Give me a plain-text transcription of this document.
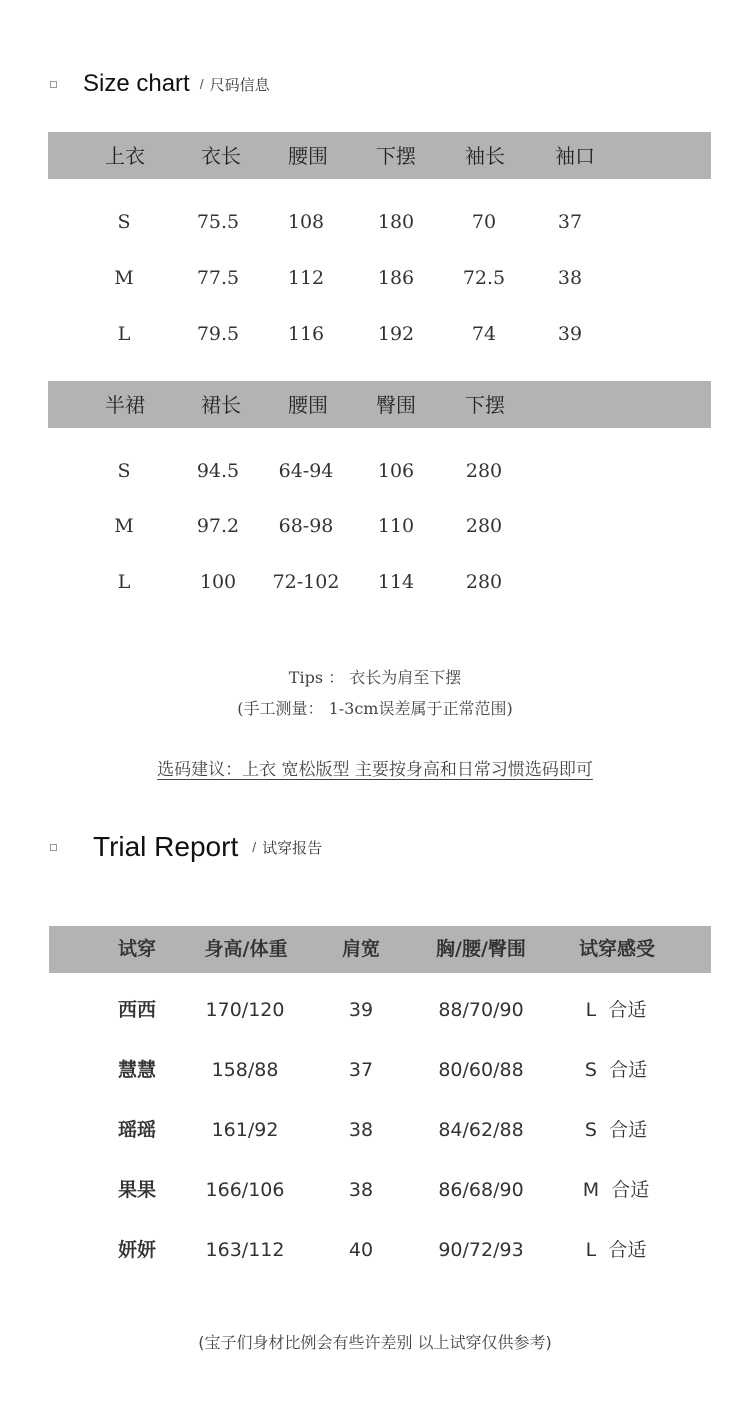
Size chart / 尺码信息
上衣	衣长 腰围 下摆 袖长	袖口
S	75.5	108	180	70	37
M	77.5	112	186	72.5	38
L	79.5	116	192	74	39
半裙	裙长 腰围 臀围 下摆
S	94.5 64-94 106	280
M	97.2 68-98 110	280
L	100 72-102 114	280
Tips ： 衣长为肩至下摆
(手工测量： 1-3cm误差属于正常范围)
选码建议：上衣 宽松版型 主要按身高和日常习惯选码即可
Trial Report / 试穿报告
试穿	身高/体重	肩宽	胸/腰/臀围	试穿感受
西西	170/120	39	88/70/90	L  合适
慧慧	158/88	37	80/60/88	S  合适
瑶瑶	161/92	38	84/62/88	S  合适
果果	166/106	38	86/68/90	M  合适
妍妍	163/112	40	90/72/93	L  合适
(宝子们身材比例会有些许差别 以上试穿仅供参考)
